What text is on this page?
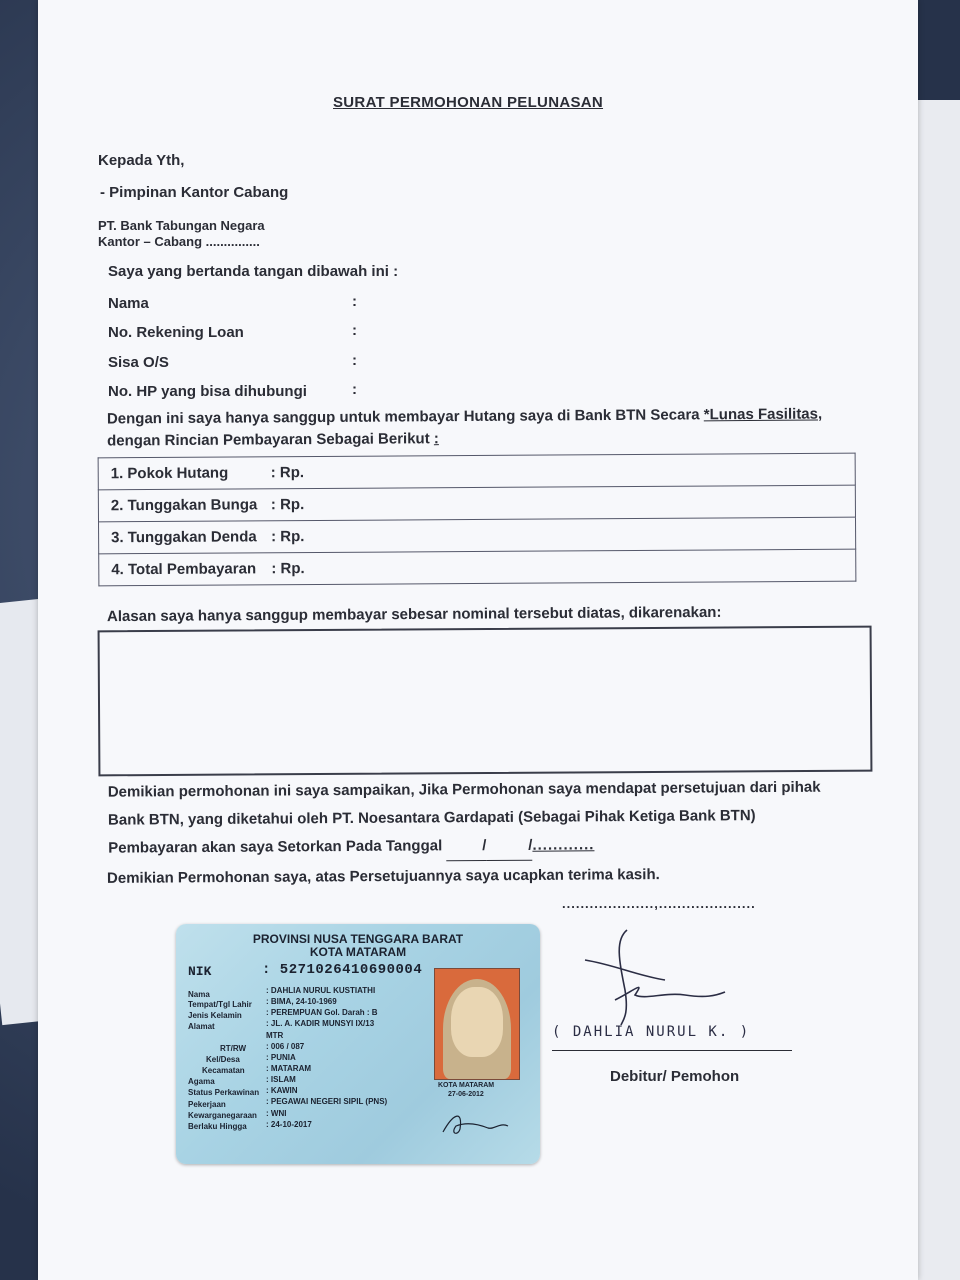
SURAT PERMOHONAN PELUNASAN
Kepada Yth,
- Pimpinan Kantor Cabang
PT. Bank Tabungan Negara
Kantor – Cabang ...............
Saya yang bertanda tangan dibawah ini :
Nama	:
No. Rekening Loan	:
Sisa O/S	:
No. HP yang bisa dihubungi	:
Dengan ini saya hanya sanggup untuk membayar Hutang saya di Bank BTN Secara *Lunas Fasilitas,
dengan Rincian Pembayaran Sebagai Berikut :
1. Pokok Hutang	: Rp.
2. Tunggakan Bunga : Rp.
3. Tunggakan Denda : Rp.
4. Total Pembayaran : Rp.
Alasan saya hanya sanggup membayar sebesar nominal tersebut diatas, dikarenakan:
Demikian permohonan ini saya sampaikan, Jika Permohonan saya mendapat persetujuan dari pihak
Bank BTN, yang diketahui oleh PT. Noesantara Gardapati (Sebagai Pihak Ketiga Bank BTN)
Pembayaran akan saya Setorkan Pada Tanggal	/	/............
Demikian Permohonan saya, atas Persetujuannya saya ucapkan terima kasih.
....................,.....................
( DAHLIA NURUL K. )
Debitur/ Pemohon
PROVINSI NUSA TENGGARA BARAT
KOTA MATARAM
NIK	: 5271026410690004
Nama	: DAHLIA NURUL KUSTIATHI
Tempat/Tgl Lahir : BIMA, 24-10-1969
Jenis Kelamin	: PEREMPUAN Gol. Darah : B
Alamat	: JL. A. KADIR MUNSYI IX/13
MTR
RT/RW : 006 / 087
Kel/Desa	: PUNIA
Kecamatan	: MATARAM
Agama	: ISLAM
Status Perkawinan : KAWIN
Pekerjaan	: PEGAWAI NEGERI SIPIL (PNS)
Kewarganegaraan : WNI
Berlaku Hingga : 24-10-2017
KOTA MATARAM
27-06-2012
